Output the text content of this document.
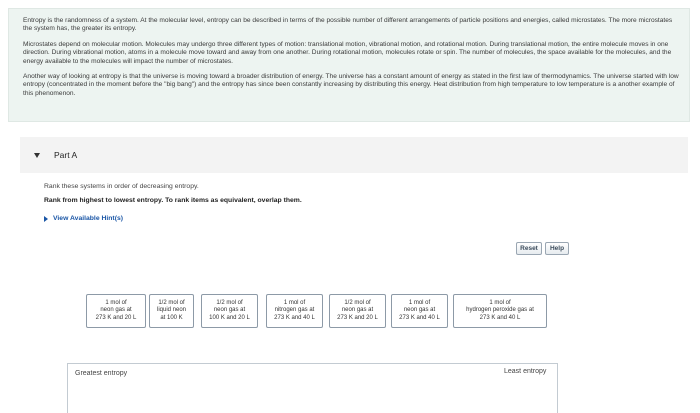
Entropy is the randomness of a system. At the molecular level, entropy can be described in terms of the possible number of different arrangements of particle positions and energies, called microstates. The more microstates the system has, the greater its entropy.

Microstates depend on molecular motion. Molecules may undergo three different types of motion: translational motion, vibrational motion, and rotational motion. During translational motion, the entire molecule moves in one direction. During vibrational motion, atoms in a molecule move toward and away from one another. During rotational motion, molecules rotate or spin. The number of molecules, the space available for the molecules, and the energy available to the molecules will impact the number of microstates.

Another way of looking at entropy is that the universe is moving toward a broader distribution of energy. The universe has a constant amount of energy as stated in the first law of thermodynamics. The universe started with low entropy (concentrated in the moment before the "big bang") and the entropy has since been constantly increasing by distributing this energy. Heat distribution from high temperature to low temperature is a another example of this phenomenon.

Part A
Rank these systems in order of decreasing entropy.
Rank from highest to lowest entropy. To rank items as equivalent, overlap them.
View Available Hint(s)
Reset	Help
1 mol of
neon gas at
273 K and 20 L
1/2 mol of
liquid neon
at 100 K
1/2 mol of
neon gas at
100 K and 20 L
1 mol of
nitrogen gas at
273 K and 40 L
1/2 mol of
neon gas at
273 K and 20 L
1 mol of
neon gas at
273 K and 40 L
1 mol of
hydrogen peroxide gas at
273 K and 40 L
Greatest entropy	Least entropy
